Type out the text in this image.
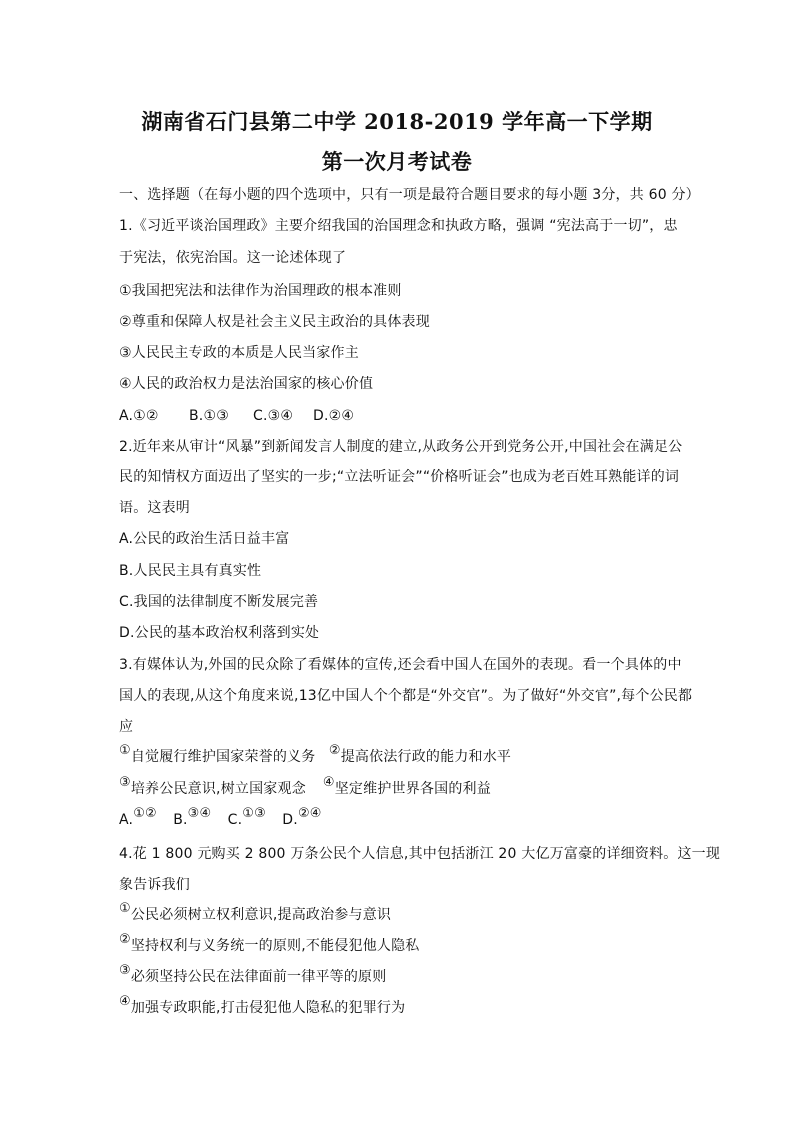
湖南省石门县第二中学 2018-2019 学年高一下学期
第一次月考试卷
一、选择题（在每小题的四个选项中，只有一项是最符合题目要求的每小题 3分，共 60 分）
1.《习近平谈治国理政》主要介绍我国的治国理念和执政方略，强调 “宪法高于一切”，忠
于宪法，依宪治国。这一论述体现了
①我国把宪法和法律作为治国理政的根本准则
②尊重和保障人权是社会主义民主政治的具体表现
③人民民主专政的本质是人民当家作主
④人民的政治权力是法治国家的核心价值
A.①② B.①③ C.③④ D.②④
2.近年来从审计“风暴”到新闻发言人制度的建立,从政务公开到党务公开,中国社会在满足公
民的知情权方面迈出了坚实的一步;“立法听证会”“价格听证会”也成为老百姓耳熟能详的词
语。这表明
A.公民的政治生活日益丰富
B.人民民主具有真实性
C.我国的法律制度不断发展完善
D.公民的基本政治权利落到实处
3.有媒体认为,外国的民众除了看媒体的宣传,还会看中国人在国外的表现。看一个具体的中
国人的表现,从这个角度来说,13亿中国人个个都是“外交官”。为了做好“外交官”,每个公民都
应
①自觉履行维护国家荣誉的义务 ②提高依法行政的能力和水平
③培养公民意识,树立国家观念 ④坚定维护世界各国的利益
A.①② B.③④ C.①③ D.②④
4.花 1 800 元购买 2 800 万条公民个人信息,其中包括浙江 20 大亿万富豪的详细资料。这一现
象告诉我们
①公民必须树立权利意识,提高政治参与意识
②坚持权利与义务统一的原则,不能侵犯他人隐私
③必须坚持公民在法律面前一律平等的原则
④加强专政职能,打击侵犯他人隐私的犯罪行为
